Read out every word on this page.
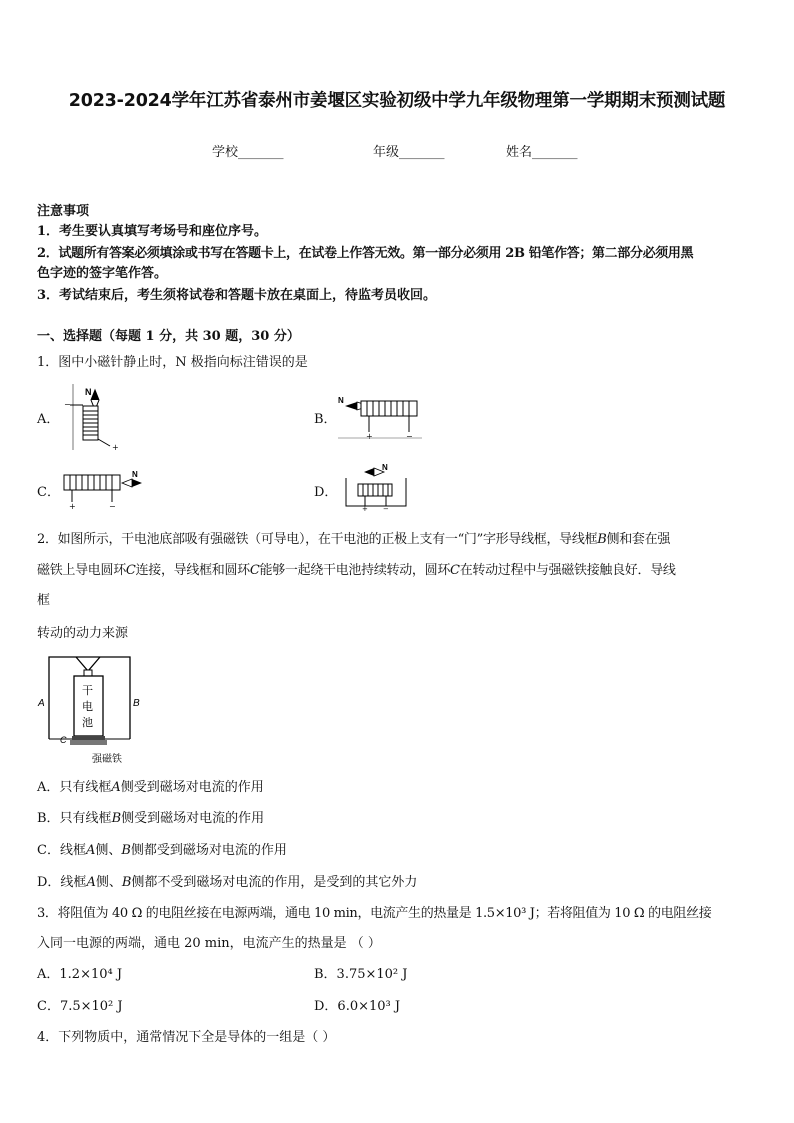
2023-2024学年江苏省泰州市姜堰区实验初级中学九年级物理第一学期期末预测试题
学校_______	年级_______	姓名_______
注意事项
1．考生要认真填写考场号和座位序号。
2．试题所有答案必须填涂或书写在答题卡上，在试卷上作答无效。第一部分必须用 2B 铅笔作答；第二部分必须用黑
色字迹的签字笔作答。
3．考试结束后，考生须将试卷和答题卡放在桌面上，待监考员收回。
一、选择题（每题 1 分，共 30 题，30 分）
1．图中小磁针静止时，N 极指向标注错误的是
A．
N
−
+
B．
N
+	−
C．
N
+	−
D．
N
+ −
2．如图所示，干电池底部吸有强磁铁（可导电），在干电池的正极上支有一“门”字形导线框，导线框B侧和套在强
磁铁上导电圆环C连接，导线框和圆环C能够一起绕干电池持续转动，圆环C在转动过程中与强磁铁接触良好．导线
框
转动的动力来源
干
电
池
A	B
C
强磁铁
A．只有线框A侧受到磁场对电流的作用
B．只有线框B侧受到磁场对电流的作用
C．线框A侧、B侧都受到磁场对电流的作用
D．线框A侧、B侧都不受到磁场对电流的作用，是受到的其它外力
3．将阻值为 40 Ω 的电阻丝接在电源两端，通电 10 min，电流产生的热量是 1.5×10³ J；若将阻值为 10 Ω 的电阻丝接
入同一电源的两端，通电 20 min，电流产生的热量是 （ ）
A．1.2×10⁴ J	B．3.75×10² J
C．7.5×10² J	D．6.0×10³ J
4．下列物质中，通常情况下全是导体的一组是（ ）
